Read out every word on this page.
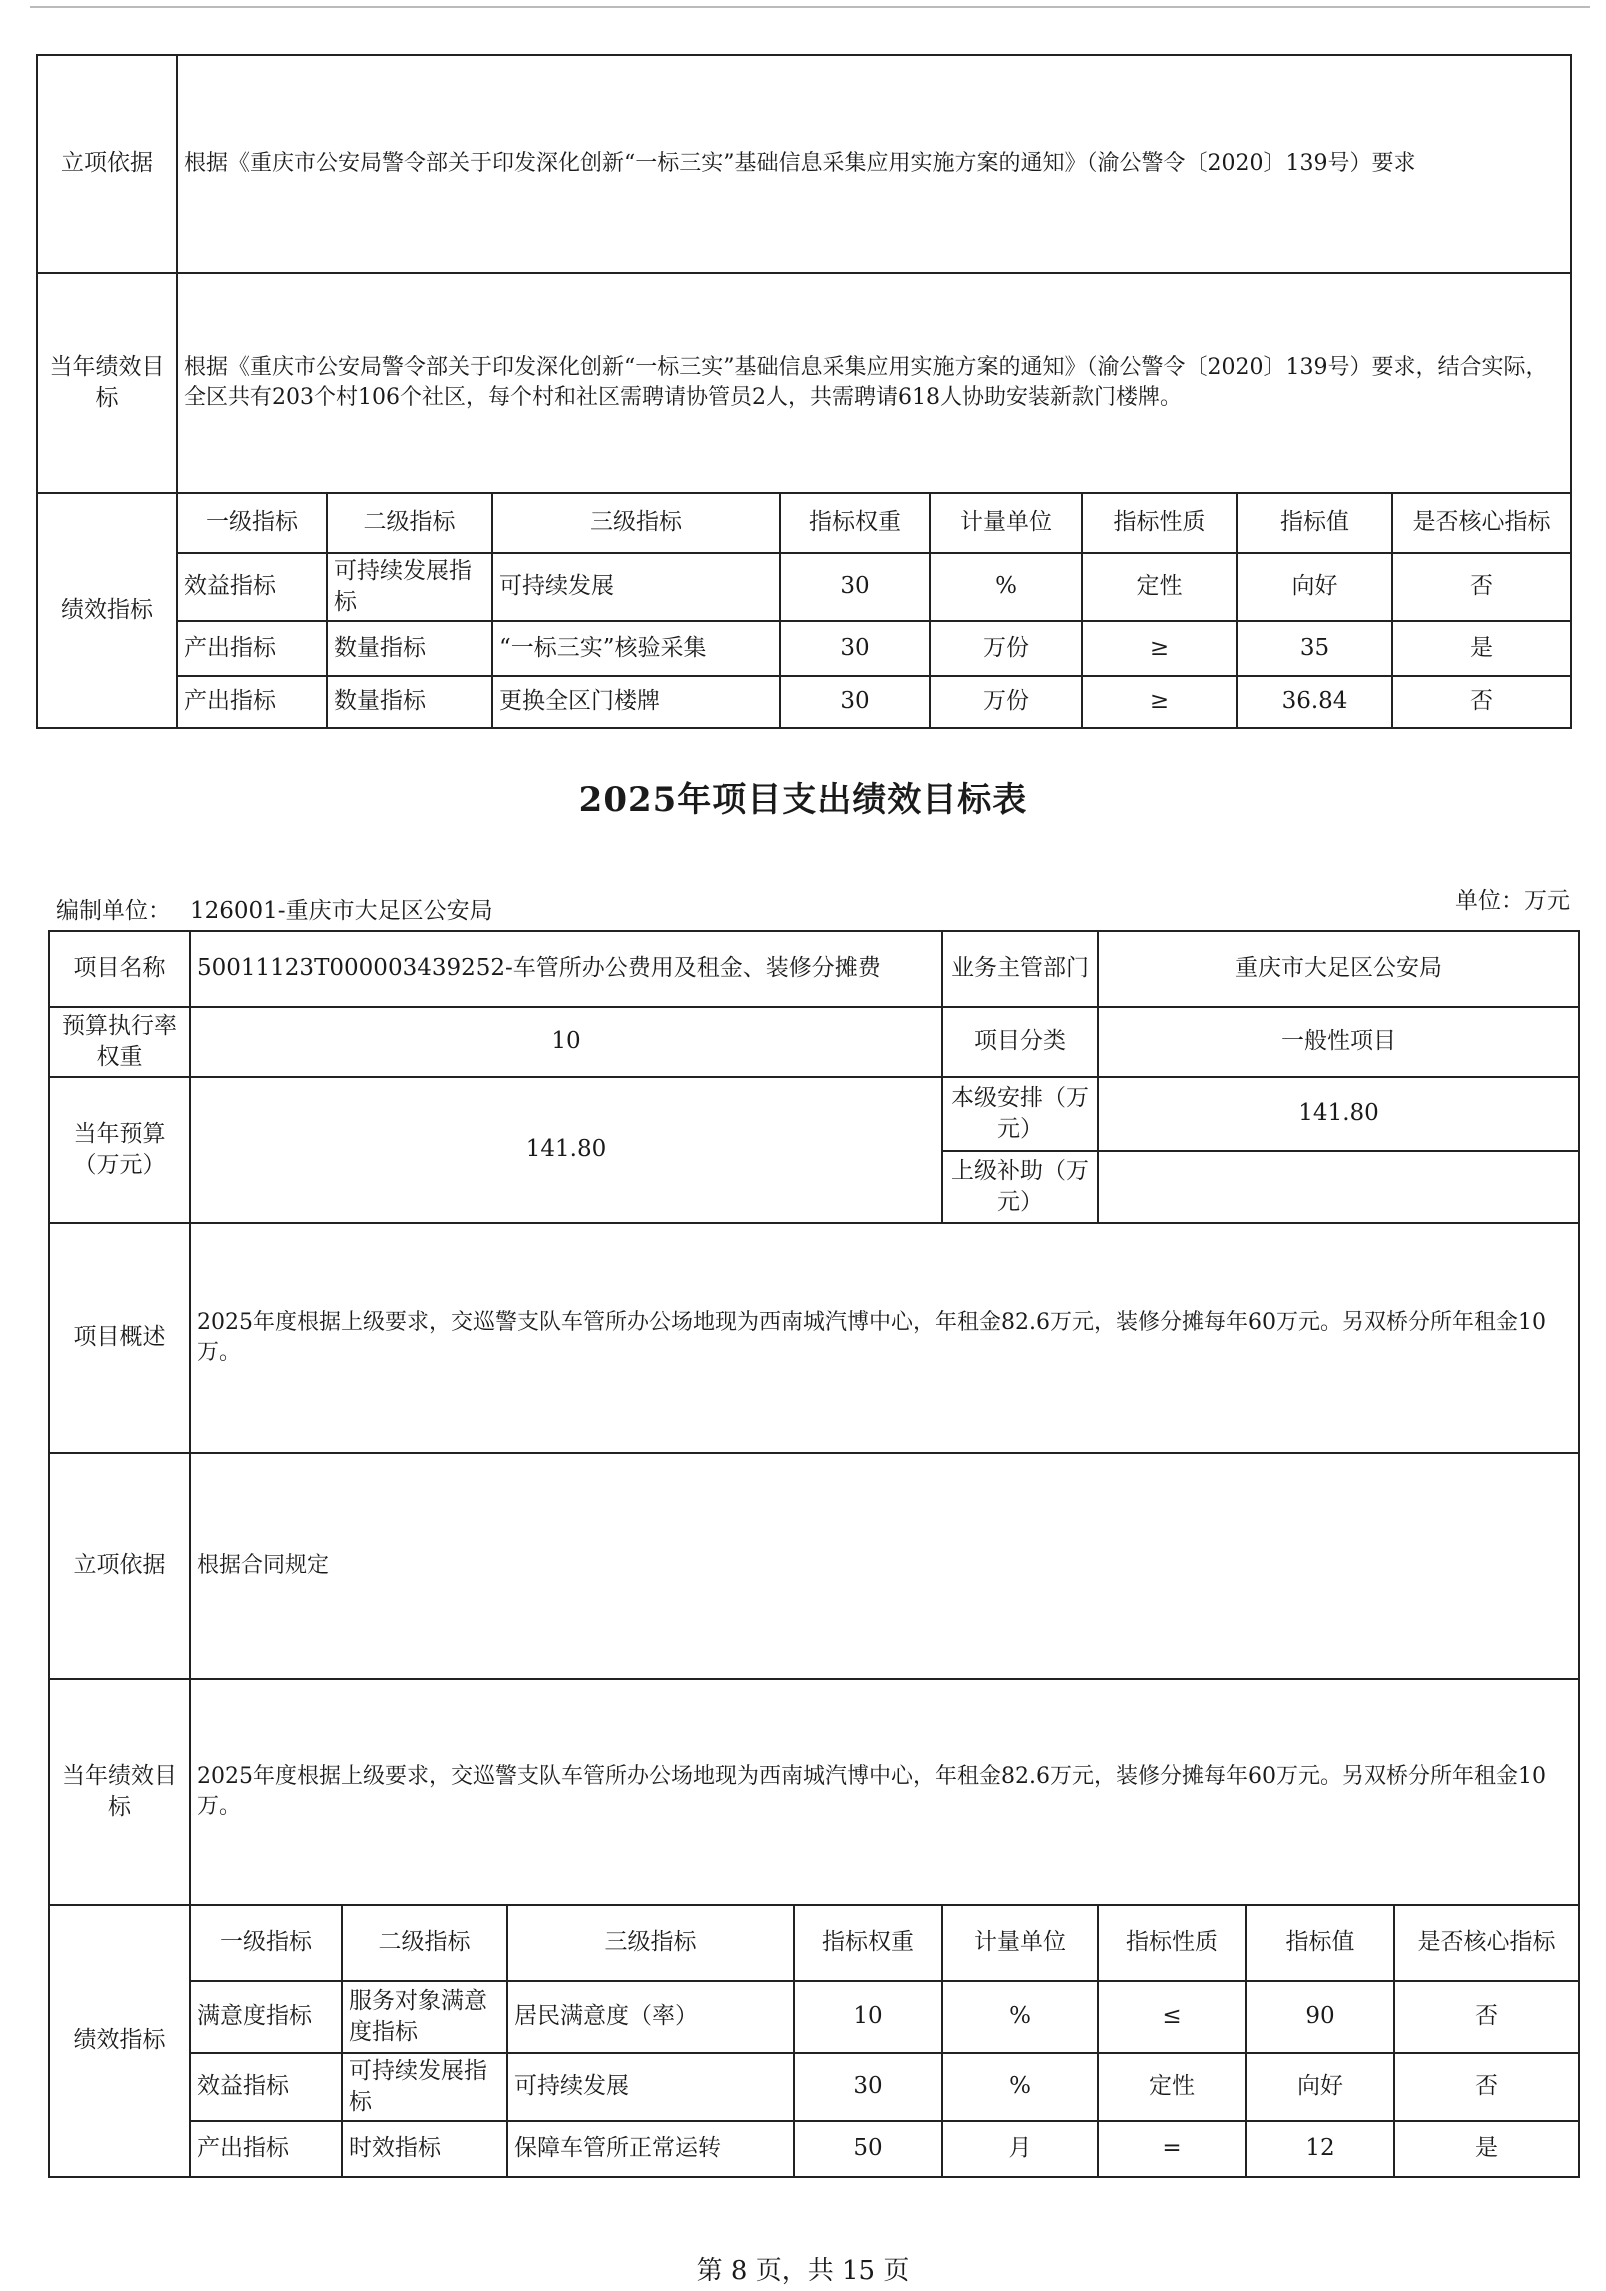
立项依据	根据《重庆市公安局警令部关于印发深化创新“一标三实”基础信息采集应用实施方案的通知》（渝公警令〔2020〕139号）要求							
当年绩效目标	根据《重庆市公安局警令部关于印发深化创新“一标三实”基础信息采集应用实施方案的通知》（渝公警令〔2020〕139号）要求，结合实际，全区共有203个村106个社区，每个村和社区需聘请协管员2人，共需聘请618人协助安装新款门楼牌。							
绩效指标	一级指标	二级指标	三级指标	指标权重	计量单位	指标性质	指标值	是否核心指标
	效益指标	可持续发展指标	可持续发展	30	%	定性	向好	否
	产出指标	数量指标	“一标三实”核验采集	30	万份	≥	35	是
	产出指标	数量指标	更换全区门楼牌	30	万份	≥	36.84	否
2025年项目支出绩效目标表
编制单位： 126001-重庆市大足区公安局	单位：万元
项目名称	50011123T000003439252-车管所办公费用及租金、装修分摊费				业务主管部门	重庆市大足区公安局		
预算执行率权重	10				项目分类	一般性项目		
当年预算（万元）	141.80				本级安排（万元）	141.80		
					上级补助（万元）			
项目概述	2025年度根据上级要求，交巡警支队车管所办公场地现为西南城汽博中心，年租金82.6万元，装修分摊每年60万元。另双桥分所年租金10万。							
立项依据	根据合同规定							
当年绩效目标	2025年度根据上级要求，交巡警支队车管所办公场地现为西南城汽博中心，年租金82.6万元，装修分摊每年60万元。另双桥分所年租金10万。							
绩效指标	一级指标	二级指标	三级指标	指标权重	计量单位	指标性质	指标值	是否核心指标
	满意度指标	服务对象满意度指标	居民满意度（率）	10	%	≤	90	否
	效益指标	可持续发展指标	可持续发展	30	%	定性	向好	否
	产出指标	时效指标	保障车管所正常运转	50	月	=	12	是
第 8 页，共 15 页
